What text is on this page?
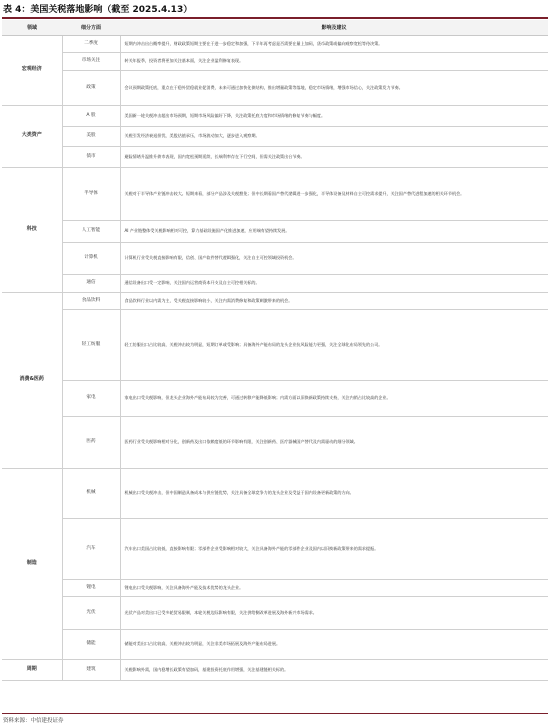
表 4：美国关税落地影响（截至 2025.4.13）
领域	细分方面	影响及建议
宏观经济	二季度	短期内冲击出台概率提升，财政政策短期主要在于进一步稳定和加强，下半年再考虑是否需要在量上加码，货币政策或偏向观察宽松等待决策。
	市场关注	转关年报季，投资者将更加关注基本面，关注企业盈利修复表现。
	政策	会议预期政策托底，重点在于稳外贸稳就业促消费，未来可通过加快化债结构，推出增量政策等落地，稳定市场情绪，增强市场信心，关注政策发力节奏。
大类资产	A 股	美国新一轮关税冲击超出市场预期，短期市场风险偏好下降，关注政策托底力度和市场情绪的修复节奏与幅度。
	美股	关税引发经济衰退担忧，美股估值承压，市场波动加大，逐步进入观察期。
	债市	避险情绪升温推升债市表现，国内宽松预期延续，长端利率存在下行空间，但需关注政策出台节奏。
科技	半导体	关税对于半导体产业链冲击较大。短期来看，部分产品涉及关税豁免；但中长期看国产替代逻辑进一步强化，半导体设备及材料自主可控需求提升，关注国产替代进程加速的相关环节机会。
	人工智能	AI 产业链整体受关税影响相对可控，算力基础设施国产化推进加速，应用端有望持续发展。
	计算机	计算机行业受关税直接影响有限，信创、国产软件替代逻辑强化，关注自主可控领域投资机会。
	通信	通信设备出口受一定影响，关注国内运营商资本开支及自主可控相关标的。
消费&医药	食品饮料	食品饮料行业以内需为主，受关税直接影响较小，关注内需消费修复和政策刺激带来的机会。
	轻工纺服	轻工纺服出口占比较高，关税冲击较为明显，短期订单或受影响；具备海外产能布局的龙头企业抗风险能力更强，关注全球化布局领先的公司。
	家电	家电出口受关税影响，但龙头企业海外产能布局较为完善，可通过转移产能降低影响；内需方面以旧换新政策持续支持，关注内销占比较高的企业。
	医药	医药行业受关税影响相对分化，创新药及出口依赖度低的环节影响有限，关注创新药、医疗器械国产替代及内需驱动的细分领域。
制造	机械	机械出口受关税冲击，但中国制造具备成本与供应链优势，关注具备全球竞争力的龙头企业及受益于国内设备更新政策的方向。
	汽车	汽车出口美国占比较低，直接影响有限；零部件企业受影响相对较大，关注具备海外产能的零部件企业及国内以旧换新政策带来的需求提振。
	锂电	锂电出口受关税影响，关注具备海外产能及技术优势的龙头企业。
	光伏	光伏产品对美出口已受多轮贸易限制，本轮关税边际影响有限，关注供给侧改革进展及海外新兴市场需求。
	储能	储能对美出口占比较高，关税冲击较为明显，关注非美市场拓展及海外产能布局进展。
周期	建筑	关税影响外需，国内稳增长政策有望加码，基建投资托底作用增强，关注基建链相关标的。
资料来源：中信建投证券
